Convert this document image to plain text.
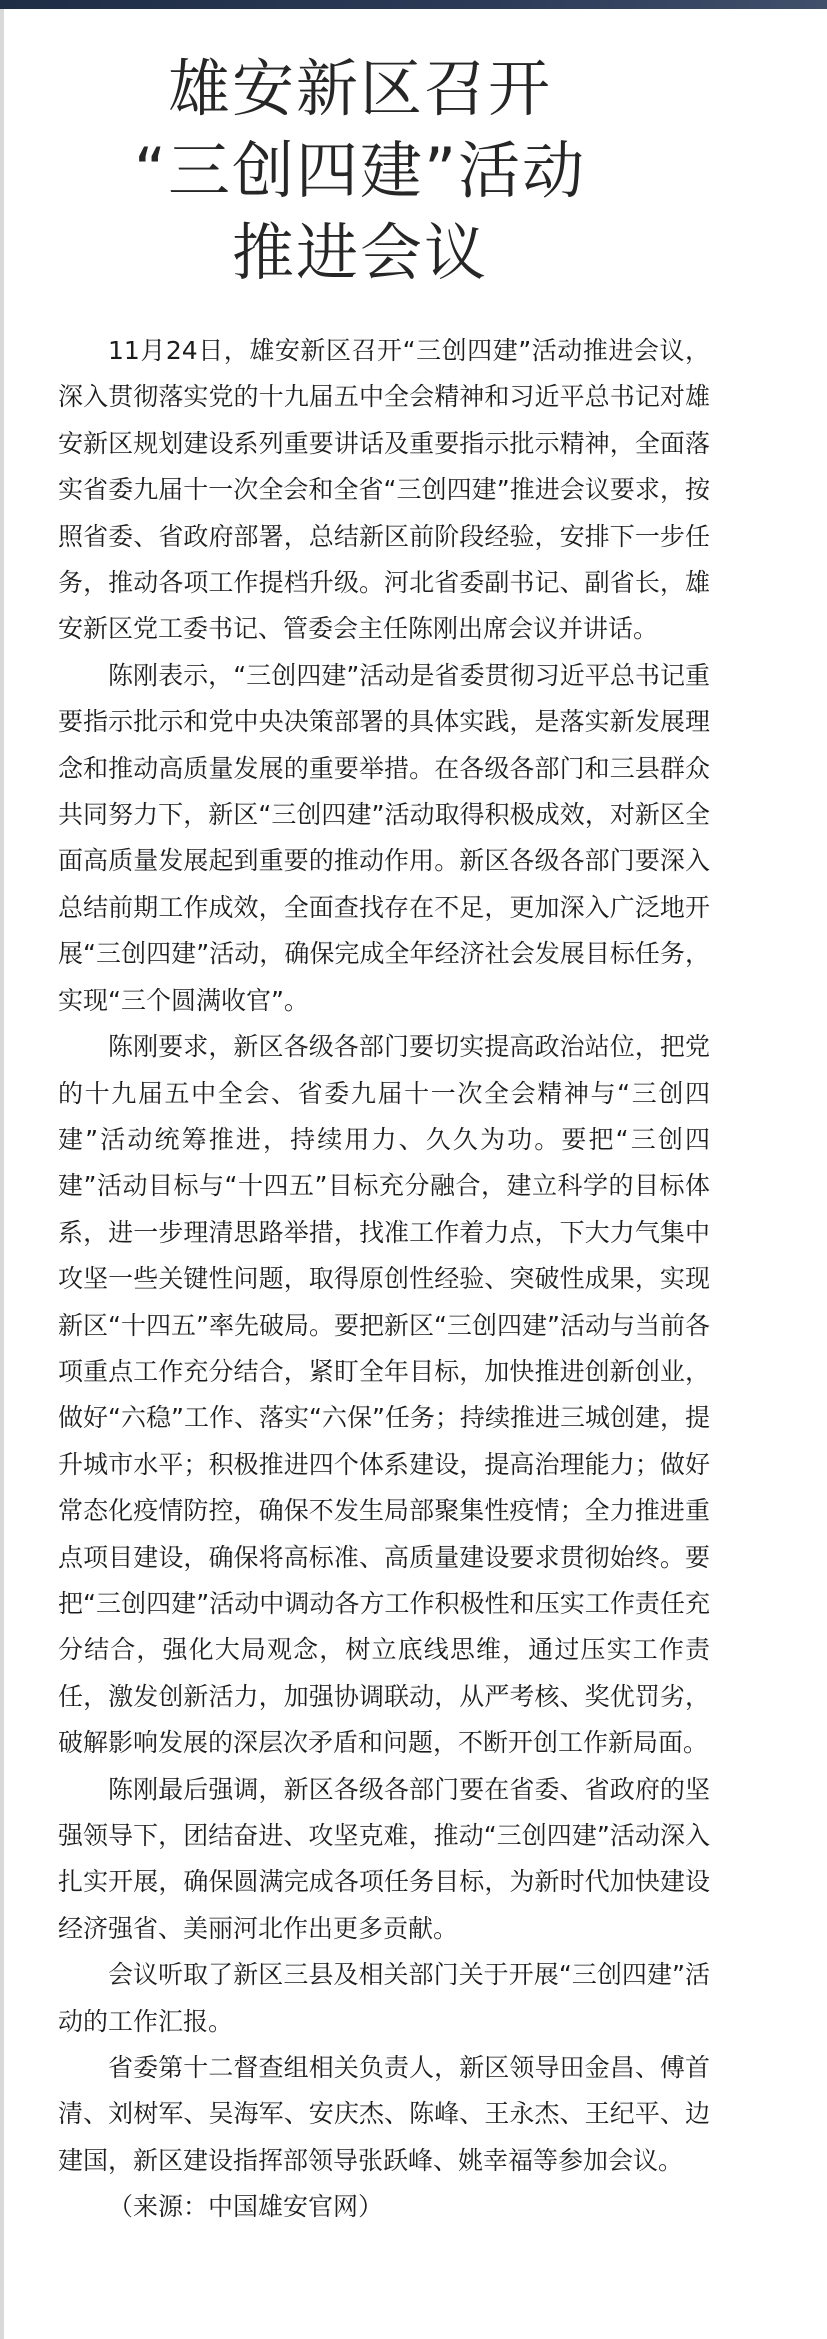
雄安新区召开
“三创四建”活动
推进会议

11月24日，雄安新区召开“三创四建”活动推进会议，深入贯彻落实党的十九届五中全会精神和习近平总书记对雄安新区规划建设系列重要讲话及重要指示批示精神，全面落实省委九届十一次全会和全省“三创四建”推进会议要求，按照省委、省政府部署，总结新区前阶段经验，安排下一步任务，推动各项工作提档升级。河北省委副书记、副省长，雄安新区党工委书记、管委会主任陈刚出席会议并讲话。

陈刚表示，“三创四建”活动是省委贯彻习近平总书记重要指示批示和党中央决策部署的具体实践，是落实新发展理念和推动高质量发展的重要举措。在各级各部门和三县群众共同努力下，新区“三创四建”活动取得积极成效，对新区全面高质量发展起到重要的推动作用。新区各级各部门要深入总结前期工作成效，全面查找存在不足，更加深入广泛地开展“三创四建”活动，确保完成全年经济社会发展目标任务，实现“三个圆满收官”。

陈刚要求，新区各级各部门要切实提高政治站位，把党的十九届五中全会、省委九届十一次全会精神与“三创四建”活动统筹推进，持续用力、久久为功。要把“三创四建”活动目标与“十四五”目标充分融合，建立科学的目标体系，进一步理清思路举措，找准工作着力点，下大力气集中攻坚一些关键性问题，取得原创性经验、突破性成果，实现新区“十四五”率先破局。要把新区“三创四建”活动与当前各项重点工作充分结合，紧盯全年目标，加快推进创新创业，做好“六稳”工作、落实“六保”任务；持续推进三城创建，提升城市水平；积极推进四个体系建设，提高治理能力；做好常态化疫情防控，确保不发生局部聚集性疫情；全力推进重点项目建设，确保将高标准、高质量建设要求贯彻始终。要把“三创四建”活动中调动各方工作积极性和压实工作责任充分结合，强化大局观念，树立底线思维，通过压实工作责任，激发创新活力，加强协调联动，从严考核、奖优罚劣，破解影响发展的深层次矛盾和问题，不断开创工作新局面。

陈刚最后强调，新区各级各部门要在省委、省政府的坚强领导下，团结奋进、攻坚克难，推动“三创四建”活动深入扎实开展，确保圆满完成各项任务目标，为新时代加快建设经济强省、美丽河北作出更多贡献。

会议听取了新区三县及相关部门关于开展“三创四建”活动的工作汇报。

省委第十二督查组相关负责人，新区领导田金昌、傅首清、刘树军、吴海军、安庆杰、陈峰、王永杰、王纪平、边建国，新区建设指挥部领导张跃峰、姚幸福等参加会议。

（来源：中国雄安官网）
